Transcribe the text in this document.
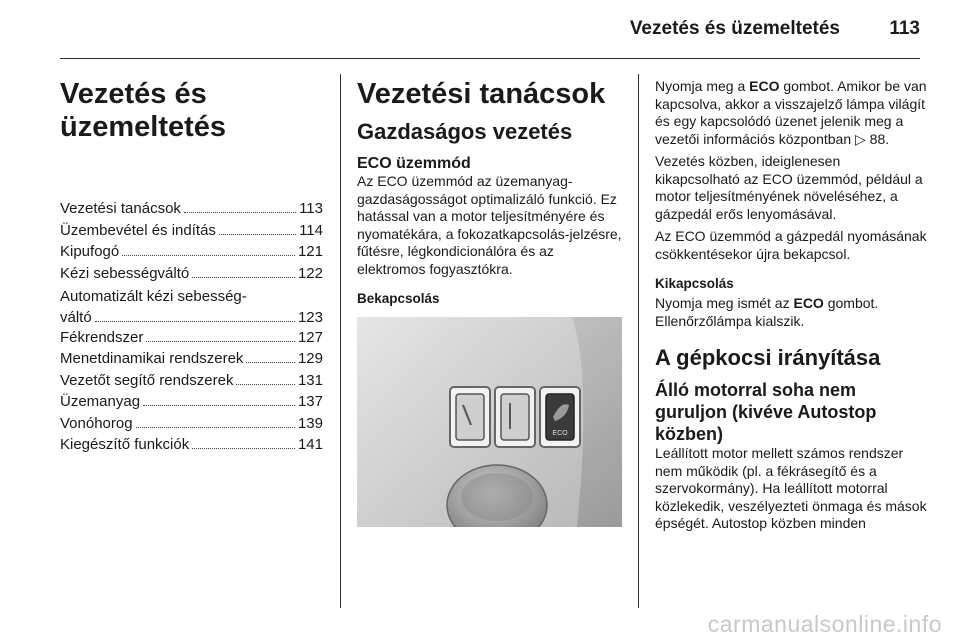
Vezetés és üzemeltetés	113
Vezetés és
üzemeltetés
Vezetési tanácsok	113
Üzembevétel és indítás	114
Kipufogó	121
Kézi sebességváltó	122
Automatizált kézi sebesség-
váltó	123
Fékrendszer	127
Menetdinamikai rendszerek	129
Vezetőt segítő rendszerek	131
Üzemanyag	137
Vonóhorog	139
Kiegészítő funkciók	141
Vezetési tanácsok
Gazdaságos vezetés
ECO üzemmód

Az ECO üzemmód az üzemanyag-gazdaságosságot optimalizáló funkció. Ez hatással van a motor teljesítményére és nyomatékára, a fokozatkapcsolás-jelzésre, fűtésre, légkondicionálóra és az elektromos fogyasztókra.

Bekapcsolás
ECO

Nyomja meg a ECO gombot. Amikor be van kapcsolva, akkor a visszajelző lámpa világít és egy kapcsolódó üzenet jelenik meg a vezetői információs központban ▷ 88.

Vezetés közben, ideiglenesen kikapcsolható az ECO üzemmód, például a motor teljesítményének növeléséhez, a gázpedál erős lenyomásával.

Az ECO üzemmód a gázpedál nyomásának csökkentésekor újra bekapcsol.

Kikapcsolás

Nyomja meg ismét az ECO gombot. Ellenőrzőlámpa kialszik.

A gépkocsi irányítása
Álló motorral soha nem guruljon (kivéve Autostop közben)

Leállított motor mellett számos rendszer nem működik (pl. a fékrásegítő és a szervokormány). Ha leállított motorral közlekedik, veszélyezteti önmaga és mások épségét. Autostop közben minden

carmanualsonline.info
